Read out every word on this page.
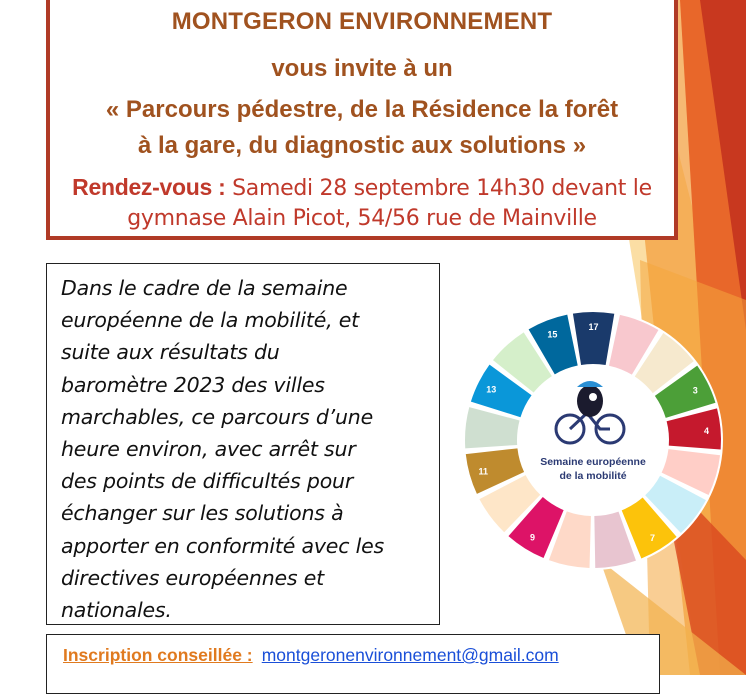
MONTGERON ENVIRONNEMENT
vous invite à un
« Parcours pédestre, de la Résidence la forêt
à la gare, du diagnostic aux solutions »
Rendez-vous : Samedi 28 septembre 14h30 devant le
gymnase Alain Picot, 54/56 rue de Mainville
Dans le cadre de la semaine
européenne de la mobilité, et
suite aux résultats du
baromètre 2023 des villes
marchables, ce parcours d’une
heure environ, avec arrêt sur
des points de difficultés pour
échanger sur les solutions à
apporter en conformité avec les
directives européennes et
nationales.
17
3
4
7
9
11
13
15
Semaine européenne
de la mobilité
Inscription conseillée : montgeronenvironnement@gmail.com
